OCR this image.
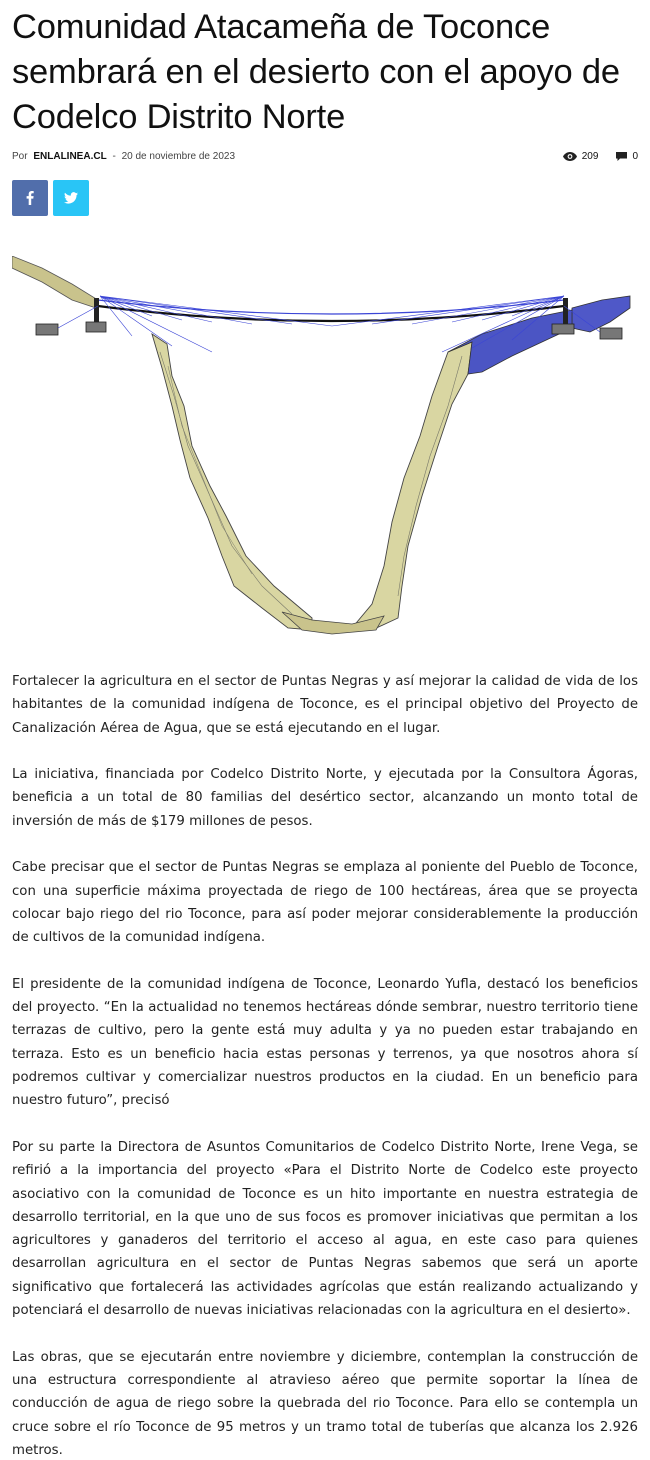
Comunidad Atacameña de Toconce sembrará en el desierto con el apoyo de Codelco Distrito Norte
Por ENLALINEA.CL - 20 de noviembre de 2023	209	0

Fortalecer la agricultura en el sector de Puntas Negras y así mejorar la calidad de vida de los habitantes de la comunidad indígena de Toconce, es el principal objetivo del Proyecto de Canalización Aérea de Agua, que se está ejecutando en el lugar.

La iniciativa, financiada por Codelco Distrito Norte, y ejecutada por la Consultora Ágoras, beneficia a un total de 80 familias del desértico sector, alcanzando un monto total de inversión de más de $179 millones de pesos.

Cabe precisar que el sector de Puntas Negras se emplaza al poniente del Pueblo de Toconce, con una superficie máxima proyectada de riego de 100 hectáreas, área que se proyecta colocar bajo riego del rio Toconce, para así poder mejorar considerablemente la producción de cultivos de la comunidad indígena.

El presidente de la comunidad indígena de Toconce, Leonardo Yufla, destacó los beneficios del proyecto. “En la actualidad no tenemos hectáreas dónde sembrar, nuestro territorio tiene terrazas de cultivo, pero la gente está muy adulta y ya no pueden estar trabajando en terraza. Esto es un beneficio hacia estas personas y terrenos, ya que nosotros ahora sí podremos cultivar y comercializar nuestros productos en la ciudad. En un beneficio para nuestro futuro”, precisó

Por su parte la Directora de Asuntos Comunitarios de Codelco Distrito Norte, Irene Vega, se refirió a la importancia del proyecto «Para el Distrito Norte de Codelco este proyecto asociativo con la comunidad de Toconce es un hito importante en nuestra estrategia de desarrollo territorial, en la que uno de sus focos es promover iniciativas que permitan a los agricultores y ganaderos del territorio el acceso al agua, en este caso para quienes desarrollan agricultura en el sector de Puntas Negras sabemos que será un aporte significativo que fortalecerá las actividades agrícolas que están realizando actualizando y potenciará el desarrollo de nuevas iniciativas relacionadas con la agricultura en el desierto».

Las obras, que se ejecutarán entre noviembre y diciembre, contemplan la construcción de una estructura correspondiente al atravieso aéreo que permite soportar la línea de conducción de agua de riego sobre la quebrada del rio Toconce. Para ello se contempla un cruce sobre el río Toconce de 95 metros y un tramo total de tuberías que alcanza los 2.926 metros.
